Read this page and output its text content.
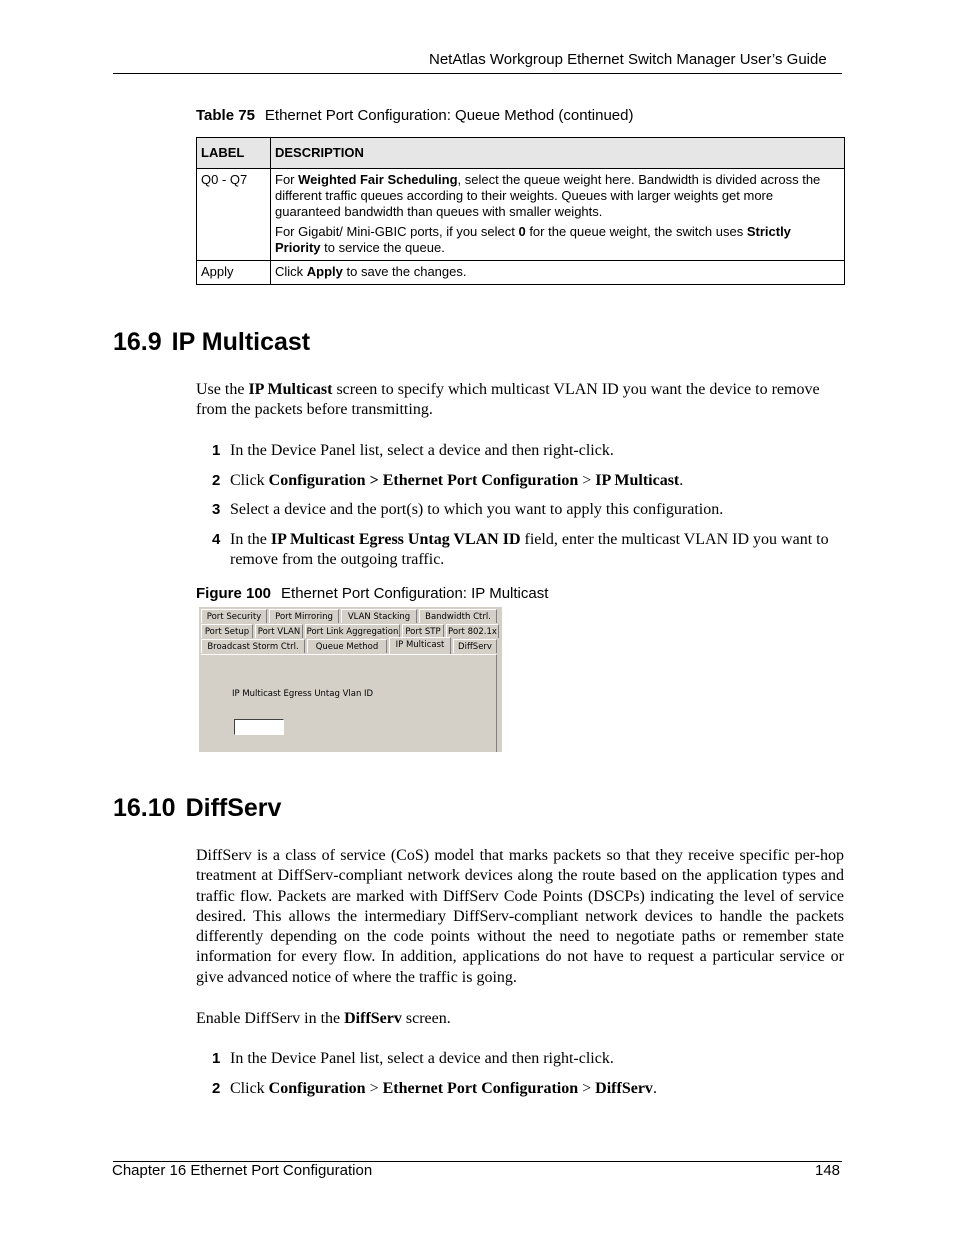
NetAtlas Workgroup Ethernet Switch Manager User’s Guide
Table 75 Ethernet Port Configuration: Queue Method (continued)
LABEL	DESCRIPTION
Q0 - Q7	For Weighted Fair Scheduling, select the queue weight here. Bandwidth is divided across the different traffic queues according to their weights. Queues with larger weights get more guaranteed bandwidth than queues with smaller weights.

For Gigabit/ Mini-GBIC ports, if you select 0 for the queue weight, the switch uses Strictly Priority to service the queue.

Apply	Click Apply to save the changes.
16.9 IP Multicast
Use the IP Multicast screen to specify which multicast VLAN ID you want the device to remove from the packets before transmitting.
1 In the Device Panel list, select a device and then right-click.
2 Click Configuration > Ethernet Port Configuration > IP Multicast.
3 Select a device and the port(s) to which you want to apply this configuration.
4 In the IP Multicast Egress Untag VLAN ID field, enter the multicast VLAN ID you want to remove from the outgoing traffic.
Figure 100 Ethernet Port Configuration: IP Multicast
Port Security	Port Mirroring	VLAN Stacking	Bandwidth Ctrl.
Port Setup	Port VLAN Port Link Aggregation Port STP Port 802.1x
Broadcast Storm Ctrl.	Queue Method	IP Multicast	DiffServ
IP Multicast Egress Untag Vlan ID
16.10 DiffServ
DiffServ is a class of service (CoS) model that marks packets so that they receive specific per-hop treatment at DiffServ-compliant network devices along the route based on the application types and traffic flow. Packets are marked with DiffServ Code Points (DSCPs) indicating the level of service desired. This allows the intermediary DiffServ-compliant network devices to handle the packets differently depending on the code points without the need to negotiate paths or remember state information for every flow. In addition, applications do not have to request a particular service or give advanced notice of where the traffic is going.
Enable DiffServ in the DiffServ screen.
1 In the Device Panel list, select a device and then right-click.
2 Click Configuration > Ethernet Port Configuration > DiffServ.
Chapter 16 Ethernet Port Configuration	148
